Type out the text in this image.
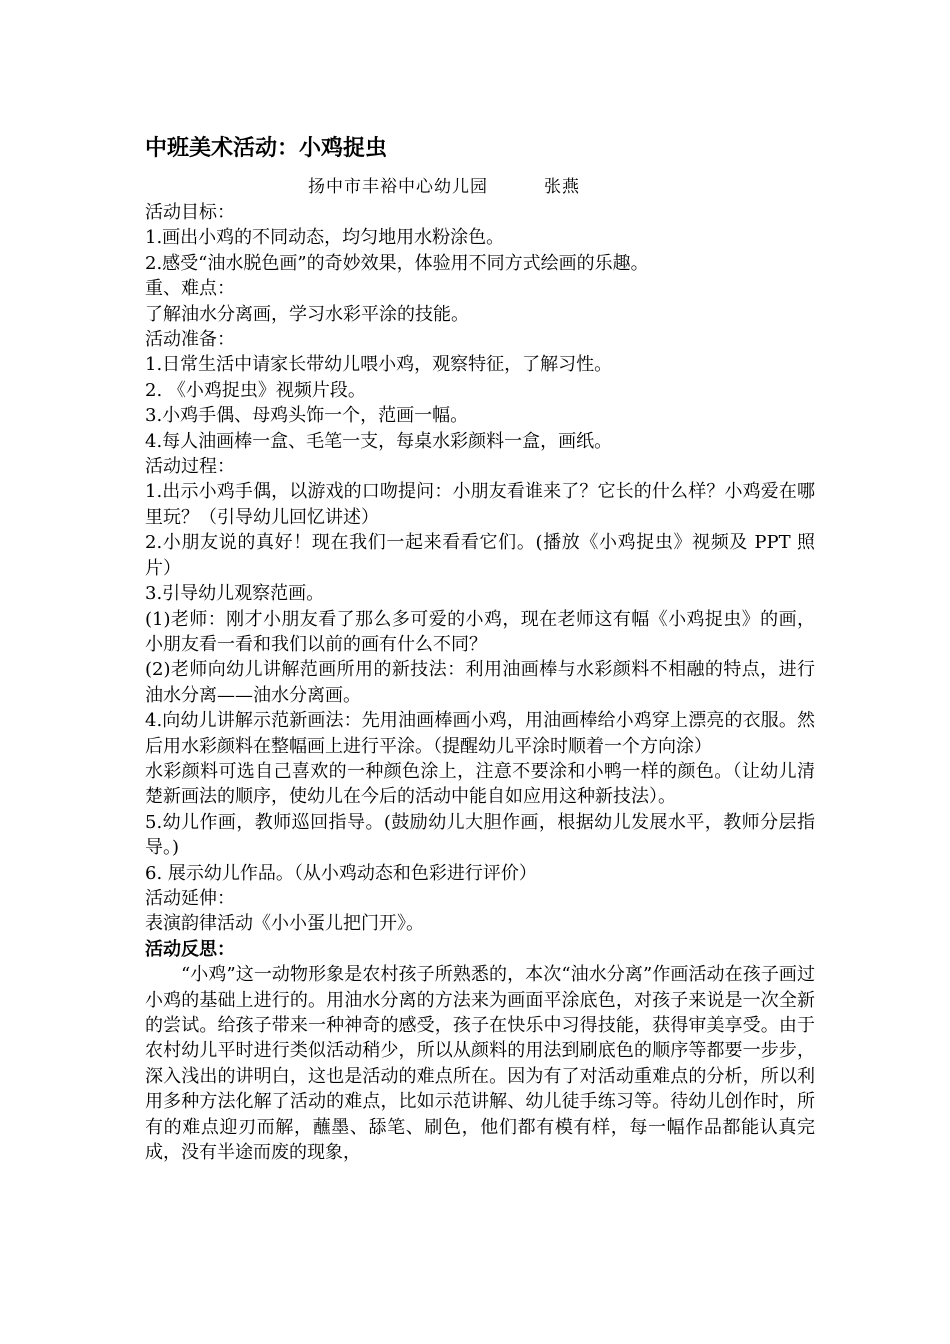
中班美术活动：小鸡捉虫
扬中市丰裕中心幼儿园	张燕
活动目标：
1.画出小鸡的不同动态，均匀地用水粉涂色。
2.感受“油水脱色画”的奇妙效果，体验用不同方式绘画的乐趣。
重、难点：
了解油水分离画，学习水彩平涂的技能。
活动准备：
1.日常生活中请家长带幼儿喂小鸡，观察特征，了解习性。
2. 《小鸡捉虫》视频片段。
3.小鸡手偶、母鸡头饰一个，范画一幅。
4.每人油画棒一盒、毛笔一支，每桌水彩颜料一盒，画纸。
活动过程：
1.出示小鸡手偶，以游戏的口吻提问：小朋友看谁来了？它长的什么样？小鸡爱在哪里玩？（引导幼儿回忆讲述）
2.小朋友说的真好！现在我们一起来看看它们。(播放《小鸡捉虫》视频及 PPT 照片）
3.引导幼儿观察范画。
(1)老师：刚才小朋友看了那么多可爱的小鸡，现在老师这有幅《小鸡捉虫》的画，小朋友看一看和我们以前的画有什么不同？
(2)老师向幼儿讲解范画所用的新技法：利用油画棒与水彩颜料不相融的特点，进行油水分离——油水分离画。
4.向幼儿讲解示范新画法：先用油画棒画小鸡，用油画棒给小鸡穿上漂亮的衣服。然后用水彩颜料在整幅画上进行平涂。（提醒幼儿平涂时顺着一个方向涂）
水彩颜料可选自己喜欢的一种颜色涂上，注意不要涂和小鸭一样的颜色。（让幼儿清楚新画法的顺序，使幼儿在今后的活动中能自如应用这种新技法）。
5.幼儿作画，教师巡回指导。(鼓励幼儿大胆作画，根据幼儿发展水平，教师分层指导。)
6. 展示幼儿作品。（从小鸡动态和色彩进行评价）
活动延伸：
表演韵律活动《小小蛋儿把门开》。
活动反思：
“小鸡”这一动物形象是农村孩子所熟悉的，本次“油水分离”作画活动在孩子画过小鸡的基础上进行的。用油水分离的方法来为画面平涂底色，对孩子来说是一次全新的尝试。给孩子带来一种神奇的感受，孩子在快乐中习得技能，获得审美享受。由于农村幼儿平时进行类似活动稍少，所以从颜料的用法到刷底色的顺序等都要一步步，深入浅出的讲明白，这也是活动的难点所在。因为有了对活动重难点的分析，所以利用多种方法化解了活动的难点，比如示范讲解、幼儿徒手练习等。待幼儿创作时，所有的难点迎刃而解，蘸墨、舔笔、刷色，他们都有模有样，每一幅作品都能认真完成，没有半途而废的现象，
